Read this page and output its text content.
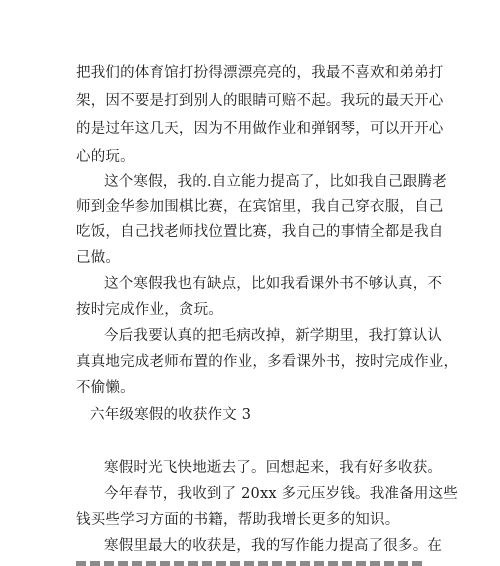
把我们的体育馆打扮得漂漂亮亮的，我最不喜欢和弟弟打
架，因不要是打到别人的眼睛可赔不起。我玩的最天开心
的是过年这几天，因为不用做作业和弹钢琴，可以开开心
心的玩。
这个寒假，我的.自立能力提高了，比如我自己跟腾老
师到金华参加围棋比赛，在宾馆里，我自己穿衣服，自己
吃饭，自己找老师找位置比赛，我自己的事情全都是我自
己做。
这个寒假我也有缺点，比如我看课外书不够认真，不
按时完成作业，贪玩。
今后我要认真的把毛病改掉，新学期里，我打算认认
真真地完成老师布置的作业，多看课外书，按时完成作业，
不偷懒。
六年级寒假的收获作文 3
寒假时光飞快地逝去了。回想起来，我有好多收获。
今年春节，我收到了 20xx 多元压岁钱。我准备用这些
钱买些学习方面的书籍，帮助我增长更多的知识。
寒假里最大的收获是，我的写作能力提高了很多。在
